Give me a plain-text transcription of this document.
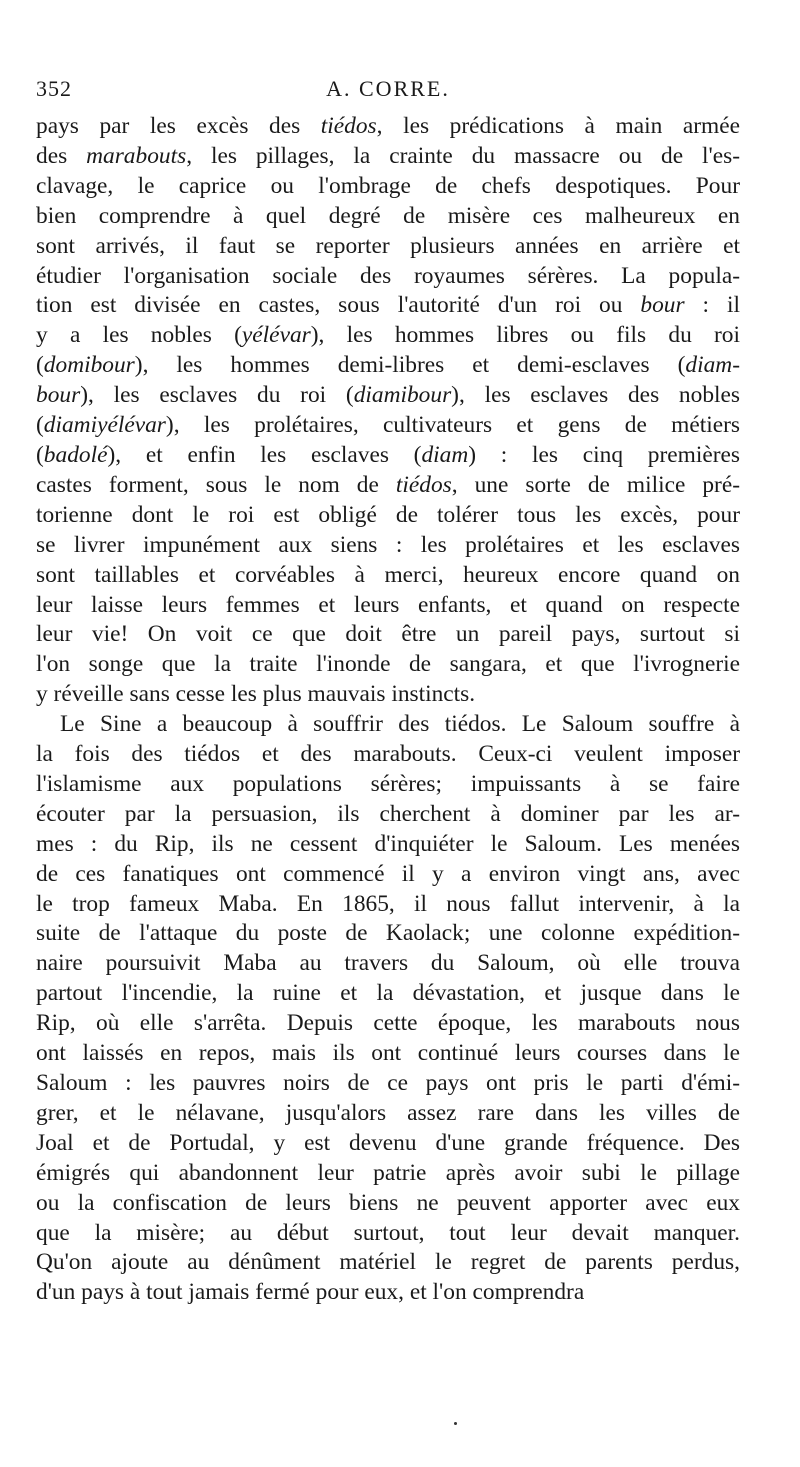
352	A. CORRE.
pays par les excès des tiédos, les prédications à main armée
des marabouts, les pillages, la crainte du massacre ou de l'es-
clavage, le caprice ou l'ombrage de chefs despotiques. Pour
bien comprendre à quel degré de misère ces malheureux en
sont arrivés, il faut se reporter plusieurs années en arrière et
étudier l'organisation sociale des royaumes sérères. La popula-
tion est divisée en castes, sous l'autorité d'un roi ou bour : il
y a les nobles (yélévar), les hommes libres ou fils du roi
(domibour), les hommes demi-libres et demi-esclaves (diam-
bour), les esclaves du roi (diamibour), les esclaves des nobles
(diamiyélévar), les prolétaires, cultivateurs et gens de métiers
(badolé), et enfin les esclaves (diam) : les cinq premières
castes forment, sous le nom de tiédos, une sorte de milice pré-
torienne dont le roi est obligé de tolérer tous les excès, pour
se livrer impunément aux siens : les prolétaires et les esclaves
sont taillables et corvéables à merci, heureux encore quand on
leur laisse leurs femmes et leurs enfants, et quand on respecte
leur vie! On voit ce que doit être un pareil pays, surtout si
l'on songe que la traite l'inonde de sangara, et que l'ivrognerie
y réveille sans cesse les plus mauvais instincts.
Le Sine a beaucoup à souffrir des tiédos. Le Saloum souffre à
la fois des tiédos et des marabouts. Ceux-ci veulent imposer
l'islamisme aux populations sérères; impuissants à se faire
écouter par la persuasion, ils cherchent à dominer par les ar-
mes : du Rip, ils ne cessent d'inquiéter le Saloum. Les menées
de ces fanatiques ont commencé il y a environ vingt ans, avec
le trop fameux Maba. En 1865, il nous fallut intervenir, à la
suite de l'attaque du poste de Kaolack; une colonne expédition-
naire poursuivit Maba au travers du Saloum, où elle trouva
partout l'incendie, la ruine et la dévastation, et jusque dans le
Rip, où elle s'arrêta. Depuis cette époque, les marabouts nous
ont laissés en repos, mais ils ont continué leurs courses dans le
Saloum : les pauvres noirs de ce pays ont pris le parti d'émi-
grer, et le nélavane, jusqu'alors assez rare dans les villes de
Joal et de Portudal, y est devenu d'une grande fréquence. Des
émigrés qui abandonnent leur patrie après avoir subi le pillage
ou la confiscation de leurs biens ne peuvent apporter avec eux
que la misère; au début surtout, tout leur devait manquer.
Qu'on ajoute au dénûment matériel le regret de parents perdus,
d'un pays à tout jamais fermé pour eux, et l'on comprendra
